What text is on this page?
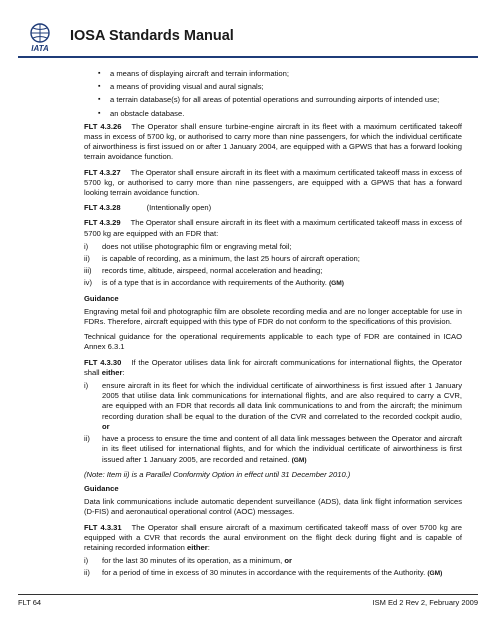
IATA
IOSA Standards Manual
▪ a means of displaying aircraft and terrain information;
▪ a means of providing visual and aural signals;
▪ a terrain database(s) for all areas of potential operations and surrounding airports of intended use;
▪ an obstacle database.

FLT 4.3.26 The Operator shall ensure turbine-engine aircraft in its fleet with a maximum certificated takeoff mass in excess of 5700 kg, or authorised to carry more than nine passengers, for which the individual certificate of airworthiness is first issued on or after 1 January 2004, are equipped with a GPWS that has a forward looking terrain avoidance function.

FLT 4.3.27 The Operator shall ensure aircraft in its fleet with a maximum certificated takeoff mass in excess of 5700 kg, or authorised to carry more than nine passengers, are equipped with a GPWS that has a forward looking terrain avoidance function.

FLT 4.3.28	(Intentionally open)

FLT 4.3.29 The Operator shall ensure aircraft in its fleet with a maximum certificated takeoff mass in excess of 5700 kg are equipped with an FDR that:

i) does not utilise photographic film or engraving metal foil;
ii) is capable of recording, as a minimum, the last 25 hours of aircraft operation;
iii) records time, altitude, airspeed, normal acceleration and heading;
iv) is of a type that is in accordance with requirements of the Authority. (GM)
Guidance

Engraving metal foil and photographic film are obsolete recording media and are no longer acceptable for use in FDRs. Therefore, aircraft equipped with this type of FDR do not conform to the specifications of this provision.

Technical guidance for the operational requirements applicable to each type of FDR are contained in ICAO Annex 6.3.1

FLT 4.3.30 If the Operator utilises data link for aircraft communications for international flights, the Operator shall either:

i) ensure aircraft in its fleet for which the individual certificate of airworthiness is first issued after 1 January 2005 that utilise data link communications for international flights, and are also required to carry a CVR, are equipped with an FDR that records all data link communications to and from the aircraft; the minimum recording duration shall be equal to the duration of the CVR and correlated to the recorded cockpit audio, or
ii) have a process to ensure the time and content of all data link messages between the Operator and aircraft in its fleet utilised for international flights, and for which the individual certificate of airworthiness is first issued after 1 January 2005, are recorded and retained. (GM)
(Note: Item ii) is a Parallel Conformity Option in effect until 31 December 2010.)
Guidance

Data link communications include automatic dependent surveillance (ADS), data link flight information services (D-FIS) and aeronautical operational control (AOC) messages.

FLT 4.3.31 The Operator shall ensure aircraft of a maximum certificated takeoff mass of over 5700 kg are equipped with a CVR that records the aural environment on the flight deck during flight and is capable of retaining recorded information either:

i) for the last 30 minutes of its operation, as a minimum, or
ii) for a period of time in excess of 30 minutes in accordance with the requirements of the Authority. (GM)
FLT 64	ISM Ed 2 Rev 2, February 2009
